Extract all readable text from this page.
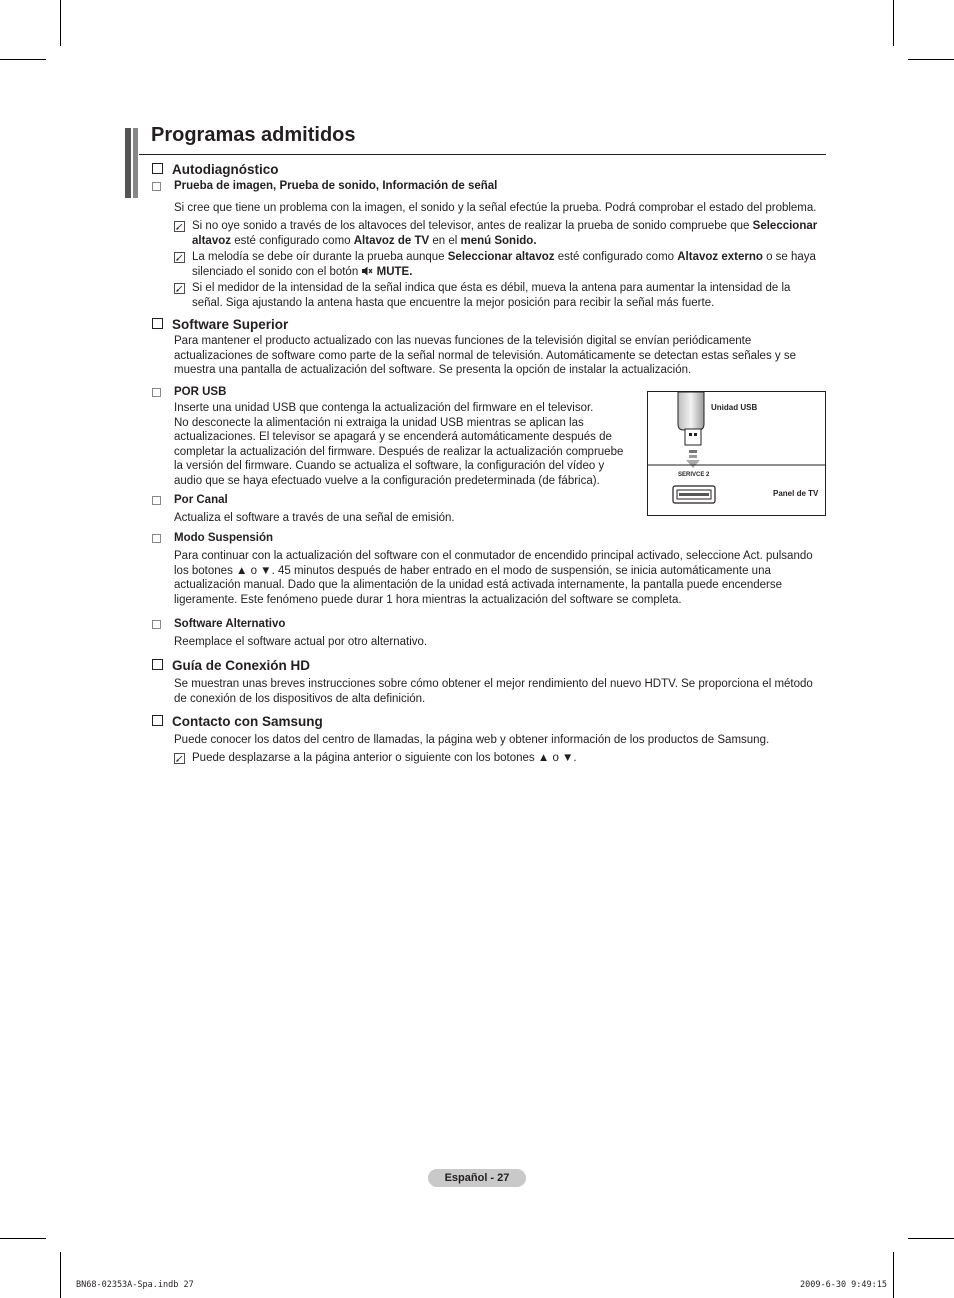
Programas admitidos
Autodiagnóstico
Prueba de imagen, Prueba de sonido, Información de señal

Si cree que tiene un problema con la imagen, el sonido y la señal efectúe la prueba. Podrá comprobar el estado del problema.

Si no oye sonido a través de los altavoces del televisor, antes de realizar la prueba de sonido compruebe que Seleccionar
altavoz esté configurado como Altavoz de TV en el menú Sonido.

La melodía se debe oír durante la prueba aunque Seleccionar altavoz esté configurado como Altavoz externo o se haya
silenciado el sonido con el botón  MUTE.

Si el medidor de la intensidad de la señal indica que ésta es débil, mueva la antena para aumentar la intensidad de la
señal. Siga ajustando la antena hasta que encuentre la mejor posición para recibir la señal más fuerte.

Software Superior

Para mantener el producto actualizado con las nuevas funciones de la televisión digital se envían periódicamente
actualizaciones de software como parte de la señal normal de televisión. Automáticamente se detectan estas señales y se
muestra una pantalla de actualización del software. Se presenta la opción de instalar la actualización.

POR USB

Inserte una unidad USB que contenga la actualización del firmware en el televisor.
No desconecte la alimentación ni extraiga la unidad USB mientras se aplican las
actualizaciones. El televisor se apagará y se encenderá automáticamente después de
completar la actualización del firmware. Después de realizar la actualización compruebe
la versión del firmware. Cuando se actualiza el software, la configuración del vídeo y
audio que se haya efectuado vuelve a la configuración predeterminada (de fábrica).

Unidad USB
SERIVCE 2
Panel de TV
Por Canal

Actualiza el software a través de una señal de emisión.

Modo Suspensión

Para continuar con la actualización del software con el conmutador de encendido principal activado, seleccione Act. pulsando
los botones ▲ o ▼. 45 minutos después de haber entrado en el modo de suspensión, se inicia automáticamente una
actualización manual. Dado que la alimentación de la unidad está activada internamente, la pantalla puede encenderse
ligeramente. Este fenómeno puede durar 1 hora mientras la actualización del software se completa.

Software Alternativo

Reemplace el software actual por otro alternativo.

Guía de Conexión HD

Se muestran unas breves instrucciones sobre cómo obtener el mejor rendimiento del nuevo HDTV. Se proporciona el método
de conexión de los dispositivos de alta definición.

Contacto con Samsung

Puede conocer los datos del centro de llamadas, la página web y obtener información de los productos de Samsung.

Puede desplazarse a la página anterior o siguiente con los botones ▲ o ▼.

Español - 27
BN68-02353A-Spa.indb 27	2009-6-30 9:49:15
